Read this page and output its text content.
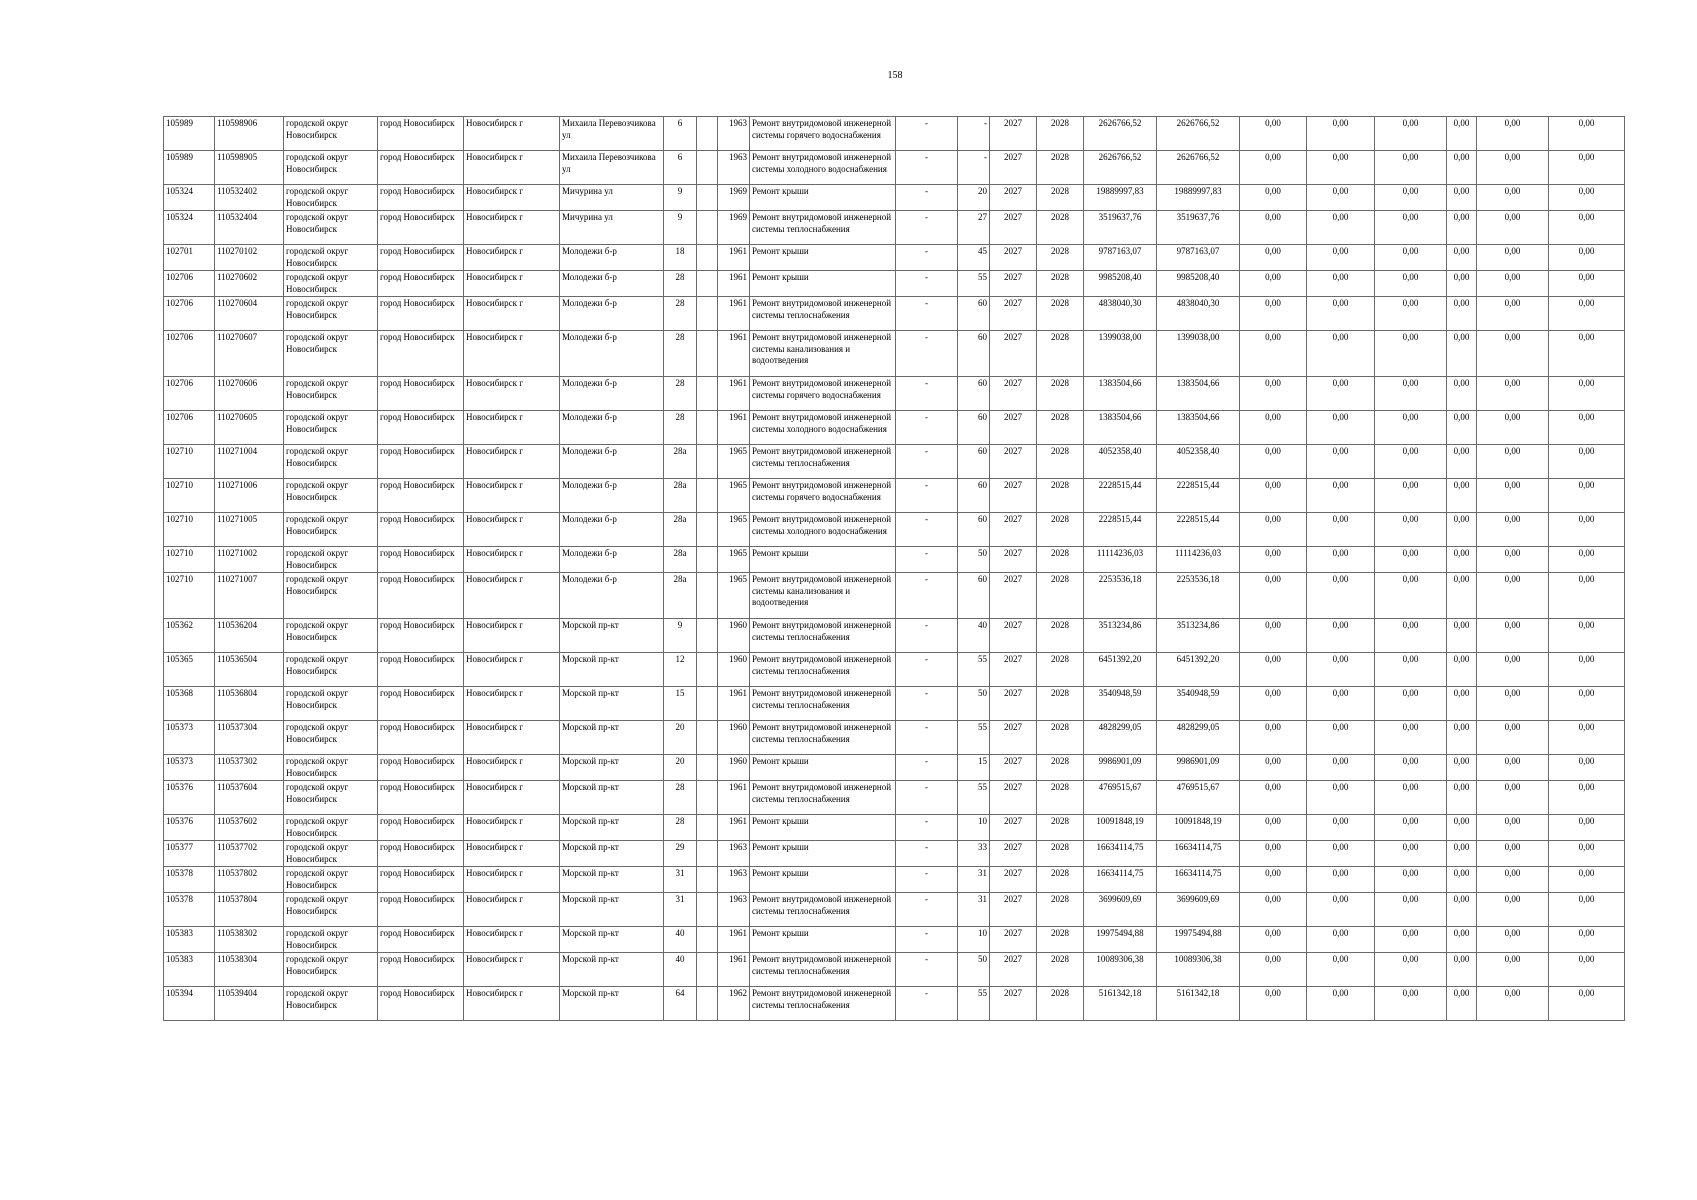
158
105989	110598906	городской округ Новосибирск	город Новосибирск	Новосибирск г	Михаила Перевозчикова ул	6		1963	Ремонт внутридомовой инженерной системы горячего водоснабжения	-	-	2027	2028	2626766,52	2626766,52	0,00	0,00	0,00	0,00	0,00	0,00
105989	110598905	городской округ Новосибирск	город Новосибирск	Новосибирск г	Михаила Перевозчикова ул	6		1963	Ремонт внутридомовой инженерной системы холодного водоснабжения	-	-	2027	2028	2626766,52	2626766,52	0,00	0,00	0,00	0,00	0,00	0,00
105324	110532402	городской округ Новосибирск	город Новосибирск	Новосибирск г	Мичурина ул	9		1969	Ремонт крыши	-	20	2027	2028	19889997,83	19889997,83	0,00	0,00	0,00	0,00	0,00	0,00
105324	110532404	городской округ Новосибирск	город Новосибирск	Новосибирск г	Мичурина ул	9		1969	Ремонт внутридомовой инженерной системы теплоснабжения	-	27	2027	2028	3519637,76	3519637,76	0,00	0,00	0,00	0,00	0,00	0,00
102701	110270102	городской округ Новосибирск	город Новосибирск	Новосибирск г	Молодежи б-р	18		1961	Ремонт крыши	-	45	2027	2028	9787163,07	9787163,07	0,00	0,00	0,00	0,00	0,00	0,00
102706	110270602	городской округ Новосибирск	город Новосибирск	Новосибирск г	Молодежи б-р	28		1961	Ремонт крыши	-	55	2027	2028	9985208,40	9985208,40	0,00	0,00	0,00	0,00	0,00	0,00
102706	110270604	городской округ Новосибирск	город Новосибирск	Новосибирск г	Молодежи б-р	28		1961	Ремонт внутридомовой инженерной системы теплоснабжения	-	60	2027	2028	4838040,30	4838040,30	0,00	0,00	0,00	0,00	0,00	0,00
102706	110270607	городской округ Новосибирск	город Новосибирск	Новосибирск г	Молодежи б-р	28		1961	Ремонт внутридомовой инженерной системы канализования и водоотведения	-	60	2027	2028	1399038,00	1399038,00	0,00	0,00	0,00	0,00	0,00	0,00
102706	110270606	городской округ Новосибирск	город Новосибирск	Новосибирск г	Молодежи б-р	28		1961	Ремонт внутридомовой инженерной системы горячего водоснабжения	-	60	2027	2028	1383504,66	1383504,66	0,00	0,00	0,00	0,00	0,00	0,00
102706	110270605	городской округ Новосибирск	город Новосибирск	Новосибирск г	Молодежи б-р	28		1961	Ремонт внутридомовой инженерной системы холодного водоснабжения	-	60	2027	2028	1383504,66	1383504,66	0,00	0,00	0,00	0,00	0,00	0,00
102710	110271004	городской округ Новосибирск	город Новосибирск	Новосибирск г	Молодежи б-р	28а		1965	Ремонт внутридомовой инженерной системы теплоснабжения	-	60	2027	2028	4052358,40	4052358,40	0,00	0,00	0,00	0,00	0,00	0,00
102710	110271006	городской округ Новосибирск	город Новосибирск	Новосибирск г	Молодежи б-р	28а		1965	Ремонт внутридомовой инженерной системы горячего водоснабжения	-	60	2027	2028	2228515,44	2228515,44	0,00	0,00	0,00	0,00	0,00	0,00
102710	110271005	городской округ Новосибирск	город Новосибирск	Новосибирск г	Молодежи б-р	28а		1965	Ремонт внутридомовой инженерной системы холодного водоснабжения	-	60	2027	2028	2228515,44	2228515,44	0,00	0,00	0,00	0,00	0,00	0,00
102710	110271002	городской округ Новосибирск	город Новосибирск	Новосибирск г	Молодежи б-р	28а		1965	Ремонт крыши	-	50	2027	2028	11114236,03	11114236,03	0,00	0,00	0,00	0,00	0,00	0,00
102710	110271007	городской округ Новосибирск	город Новосибирск	Новосибирск г	Молодежи б-р	28а		1965	Ремонт внутридомовой инженерной системы канализования и водоотведения	-	60	2027	2028	2253536,18	2253536,18	0,00	0,00	0,00	0,00	0,00	0,00
105362	110536204	городской округ Новосибирск	город Новосибирск	Новосибирск г	Морской пр-кт	9		1960	Ремонт внутридомовой инженерной системы теплоснабжения	-	40	2027	2028	3513234,86	3513234,86	0,00	0,00	0,00	0,00	0,00	0,00
105365	110536504	городской округ Новосибирск	город Новосибирск	Новосибирск г	Морской пр-кт	12		1960	Ремонт внутридомовой инженерной системы теплоснабжения	-	55	2027	2028	6451392,20	6451392,20	0,00	0,00	0,00	0,00	0,00	0,00
105368	110536804	городской округ Новосибирск	город Новосибирск	Новосибирск г	Морской пр-кт	15		1961	Ремонт внутридомовой инженерной системы теплоснабжения	-	50	2027	2028	3540948,59	3540948,59	0,00	0,00	0,00	0,00	0,00	0,00
105373	110537304	городской округ Новосибирск	город Новосибирск	Новосибирск г	Морской пр-кт	20		1960	Ремонт внутридомовой инженерной системы теплоснабжения	-	55	2027	2028	4828299,05	4828299,05	0,00	0,00	0,00	0,00	0,00	0,00
105373	110537302	городской округ Новосибирск	город Новосибирск	Новосибирск г	Морской пр-кт	20		1960	Ремонт крыши	-	15	2027	2028	9986901,09	9986901,09	0,00	0,00	0,00	0,00	0,00	0,00
105376	110537604	городской округ Новосибирск	город Новосибирск	Новосибирск г	Морской пр-кт	28		1961	Ремонт внутридомовой инженерной системы теплоснабжения	-	55	2027	2028	4769515,67	4769515,67	0,00	0,00	0,00	0,00	0,00	0,00
105376	110537602	городской округ Новосибирск	город Новосибирск	Новосибирск г	Морской пр-кт	28		1961	Ремонт крыши	-	10	2027	2028	10091848,19	10091848,19	0,00	0,00	0,00	0,00	0,00	0,00
105377	110537702	городской округ Новосибирск	город Новосибирск	Новосибирск г	Морской пр-кт	29		1963	Ремонт крыши	-	33	2027	2028	16634114,75	16634114,75	0,00	0,00	0,00	0,00	0,00	0,00
105378	110537802	городской округ Новосибирск	город Новосибирск	Новосибирск г	Морской пр-кт	31		1963	Ремонт крыши	-	31	2027	2028	16634114,75	16634114,75	0,00	0,00	0,00	0,00	0,00	0,00
105378	110537804	городской округ Новосибирск	город Новосибирск	Новосибирск г	Морской пр-кт	31		1963	Ремонт внутридомовой инженерной системы теплоснабжения	-	31	2027	2028	3699609,69	3699609,69	0,00	0,00	0,00	0,00	0,00	0,00
105383	110538302	городской округ Новосибирск	город Новосибирск	Новосибирск г	Морской пр-кт	40		1961	Ремонт крыши	-	10	2027	2028	19975494,88	19975494,88	0,00	0,00	0,00	0,00	0,00	0,00
105383	110538304	городской округ Новосибирск	город Новосибирск	Новосибирск г	Морской пр-кт	40		1961	Ремонт внутридомовой инженерной системы теплоснабжения	-	50	2027	2028	10089306,38	10089306,38	0,00	0,00	0,00	0,00	0,00	0,00
105394	110539404	городской округ Новосибирск	город Новосибирск	Новосибирск г	Морской пр-кт	64		1962	Ремонт внутридомовой инженерной системы теплоснабжения	-	55	2027	2028	5161342,18	5161342,18	0,00	0,00	0,00	0,00	0,00	0,00
